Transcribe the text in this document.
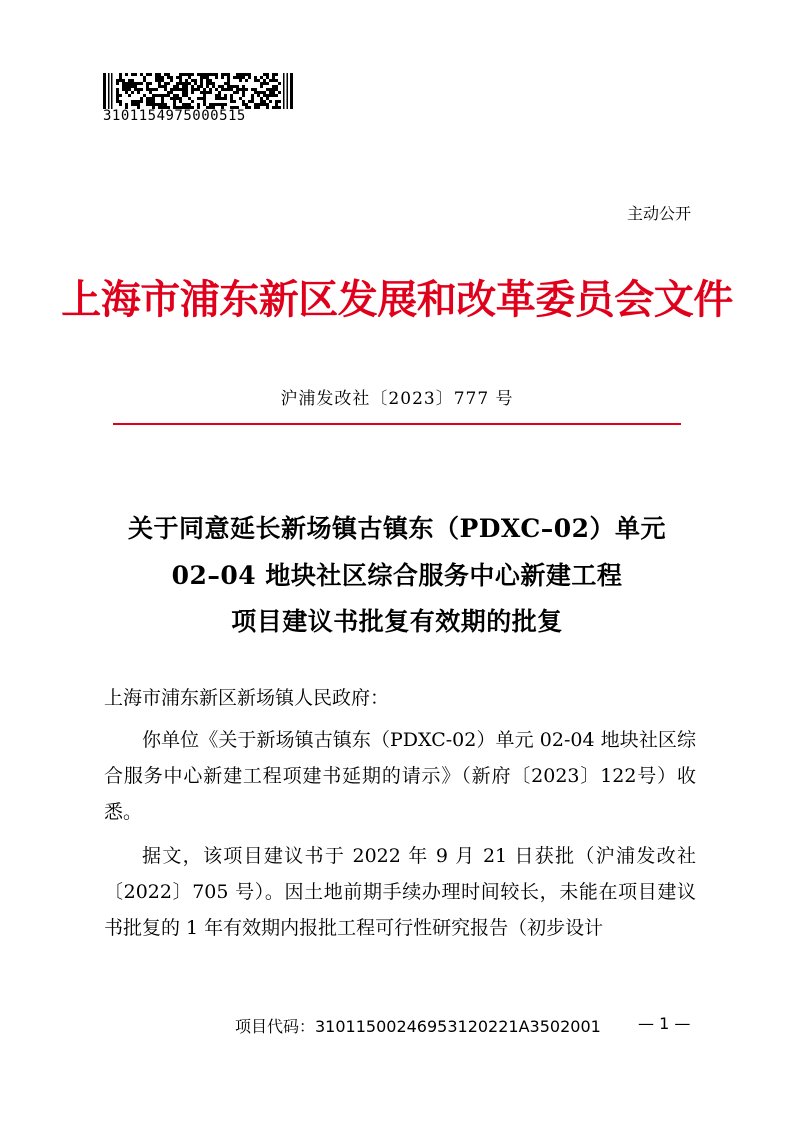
3101154975000515
主动公开
上海市浦东新区发展和改革委员会文件
沪浦发改社〔2023〕777 号
关于同意延长新场镇古镇东（PDXC–02）单元
02–04 地块社区综合服务中心新建工程
项目建议书批复有效期的批复
上海市浦东新区新场镇人民政府：
你单位《关于新场镇古镇东（PDXC-02）单元 02-04 地块社区综合服务中心新建工程项建书延期的请示》（新府〔2023〕122号）收悉。
据文，该项目建议书于 2022 年 9 月 21 日获批（沪浦发改社〔2022〕705 号）。因土地前期手续办理时间较长，未能在项目建议书批复的 1 年有效期内报批工程可行性研究报告（初步设计
项目代码：31011500246953120221A3502001 — 1 —
